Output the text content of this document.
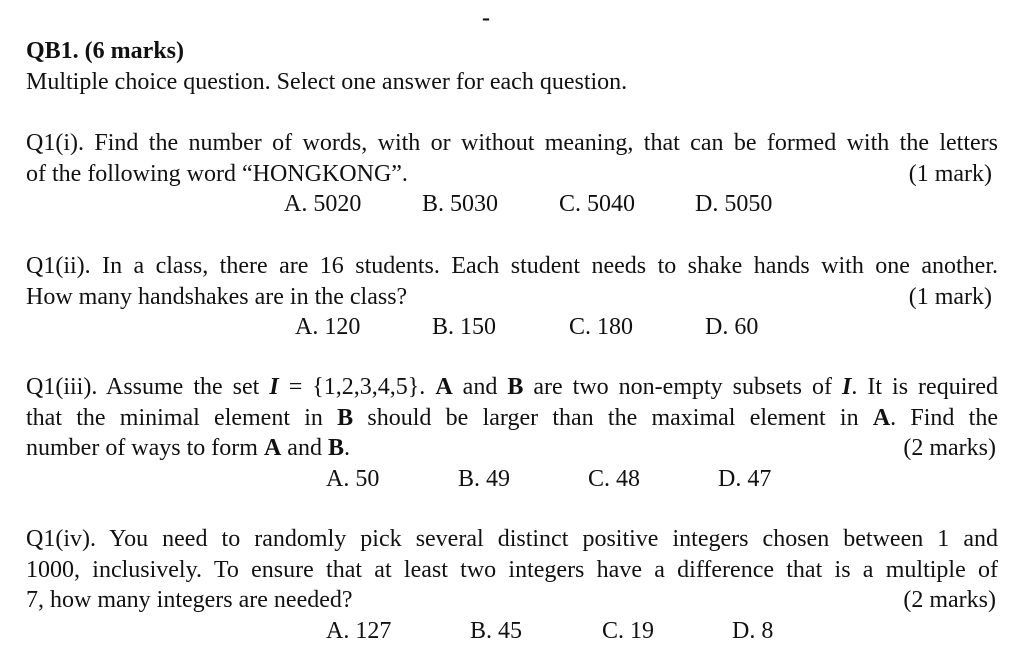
-
QB1. (6 marks)
Multiple choice question. Select one answer for each question.
Q1(i). Find the number of words, with or without meaning, that can be formed with the letters
of the following word “HONGKONG”.	(1 mark)
A. 5020	B. 5030	C. 5040 D. 5050
Q1(ii). In a class, there are 16 students. Each student needs to shake hands with one another.
How many handshakes are in the class?	(1 mark)
A. 120	B. 150	C. 180	D. 60
Q1(iii). Assume the set I = {1,2,3,4,5}. A and B are two non-empty subsets of I. It is required
that the minimal element in B should be larger than the maximal element in A. Find the
number of ways to form A and B.	(2 marks)
A. 50	B. 49	C. 48	D. 47
Q1(iv). You need to randomly pick several distinct positive integers chosen between 1 and
1000, inclusively. To ensure that at least two integers have a difference that is a multiple of
7, how many integers are needed?	(2 marks)
A. 127	B. 45	C. 19	D. 8
